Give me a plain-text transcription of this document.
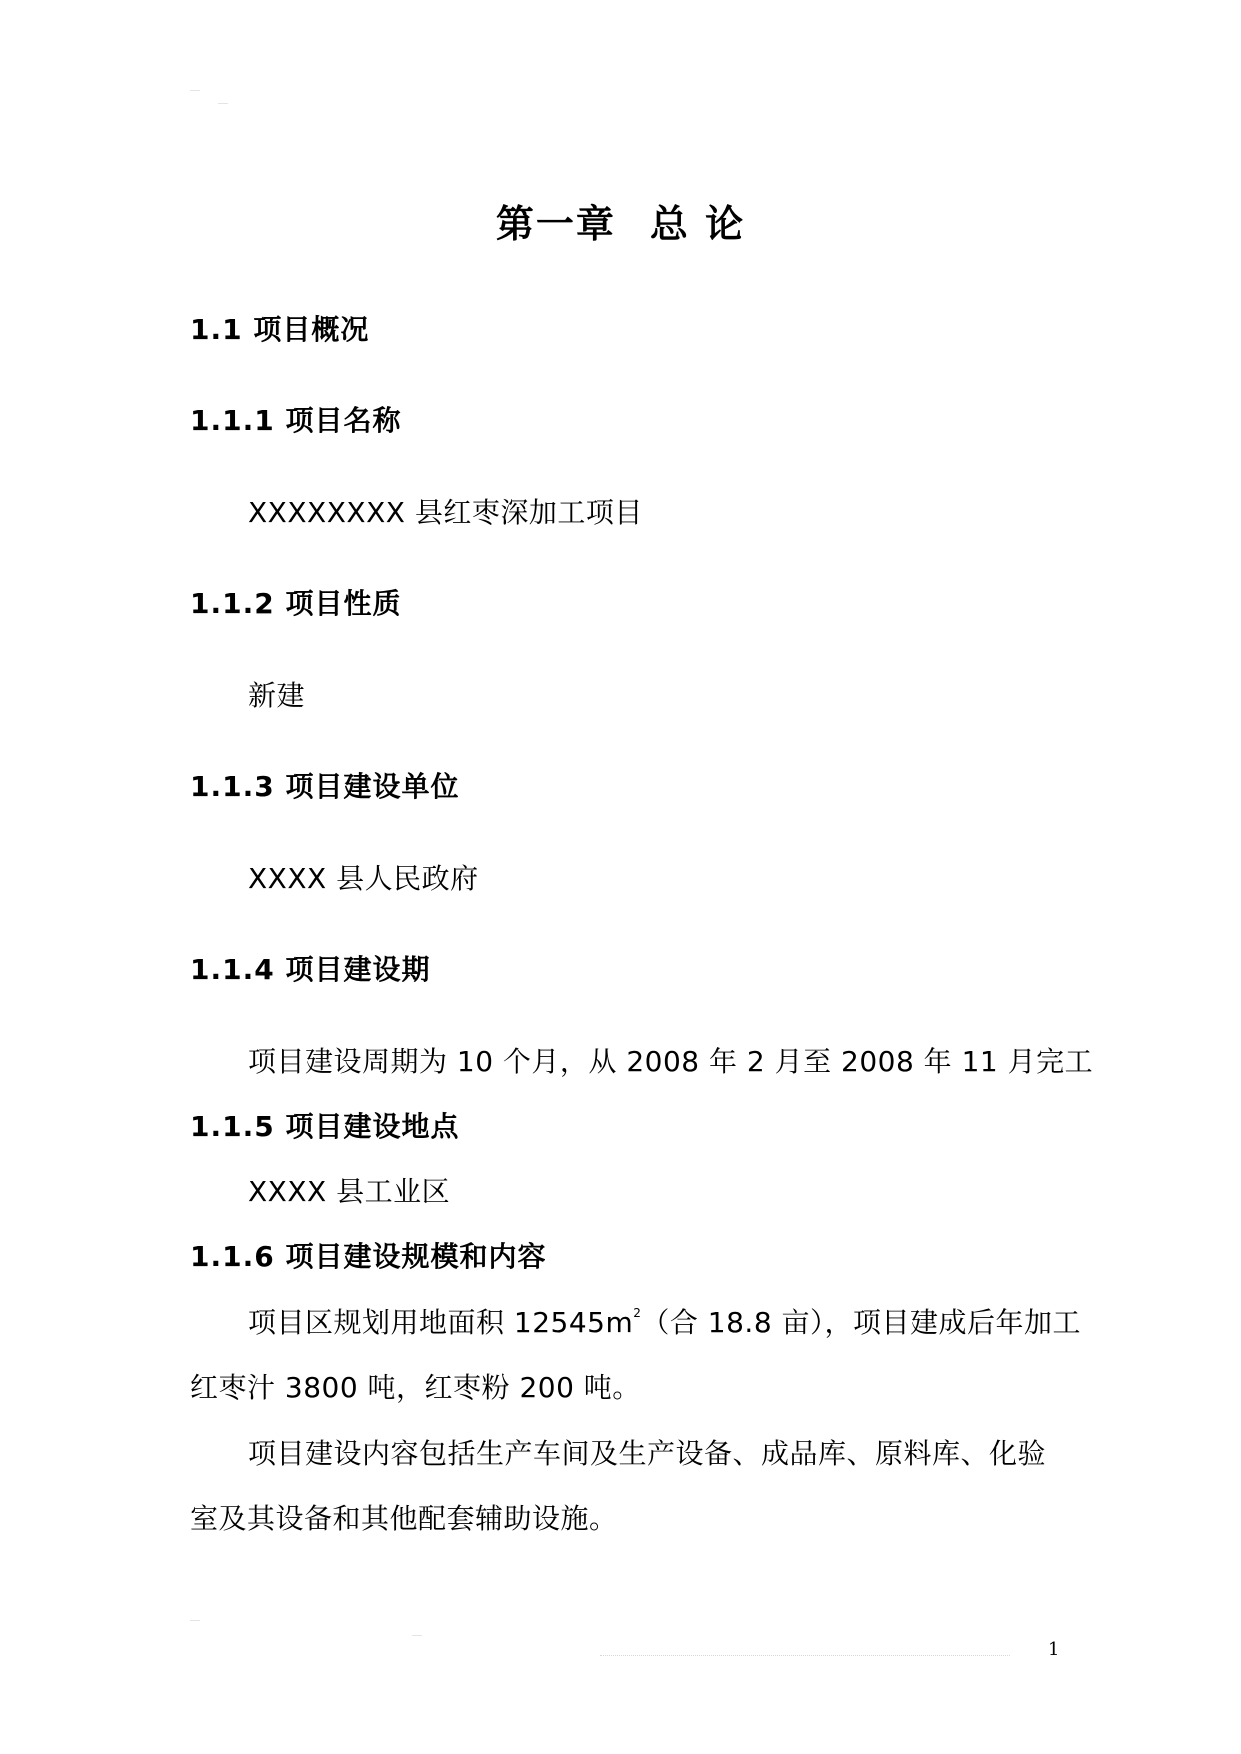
第一章 总 论
1.1 项目概况
1.1.1 项目名称
XXXXXXXX 县红枣深加工项目
1.1.2 项目性质
新建
1.1.3 项目建设单位
XXXX 县人民政府
1.1.4 项目建设期
项目建设周期为 10 个月，从 2008 年 2 月至 2008 年 11 月完工
1.1.5 项目建设地点
XXXX 县工业区
1.1.6 项目建设规模和内容
项目区规划用地面积 $12545m^2$（合 18.8 亩），项目建成后年加工
红枣汁 3800 吨，红枣粉 200 吨。
项目建设内容包括生产车间及生产设备、成品库、原料库、化验
室及其设备和其他配套辅助设施。
1
